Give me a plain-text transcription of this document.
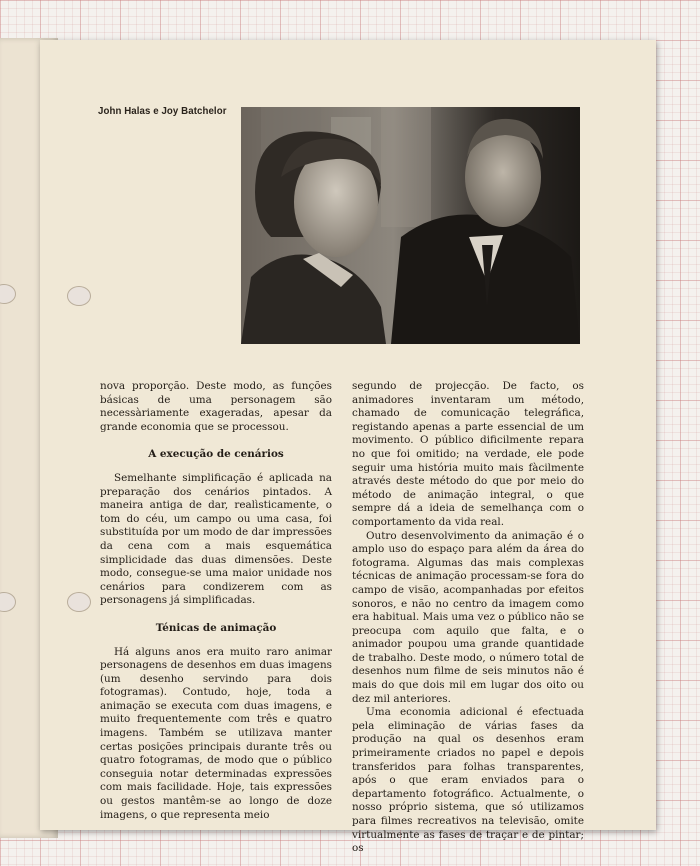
John Halas e Joy Batchelor

nova proporção. Deste modo, as funções básicas de uma personagem são necessàriamente exageradas, apesar da grande economia que se processou.

A execução de cenários

Semelhante simplificação é aplicada na preparação dos cenários pintados. A maneira antiga de dar, realìsticamente, o tom do céu, um campo ou uma casa, foi substituída por um modo de dar impressões da cena com a mais esquemática simplicidade das duas dimensões. Deste modo, consegue-se uma maior unidade nos cenários para condizerem com as personagens já simplificadas.

Ténicas de animação

Há alguns anos era muito raro animar personagens de desenhos em duas imagens (um desenho servindo para dois fotogramas). Contudo, hoje, toda a animação se executa com duas imagens, e muito frequentemente com três e quatro imagens. Também se utilizava manter certas posições principais durante três ou quatro fotogramas, de modo que o público conseguia notar determinadas expressões com mais facilidade. Hoje, tais expressões ou gestos mantêm-se ao longo de doze imagens, o que representa meio

segundo de projecção. De facto, os animadores inventaram um método, chamado de comunicação telegráfica, registando apenas a parte essencial de um movimento. O público dificilmente repara no que foi omitido; na verdade, ele pode seguir uma história muito mais fàcilmente através deste método do que por meio do método de animação integral, o que sempre dá a ideia de semelhança com o comportamento da vida real.

Outro desenvolvimento da animação é o amplo uso do espaço para além da área do fotograma. Algumas das mais complexas técnicas de animação processam-se fora do campo de visão, acompanhadas por efeitos sonoros, e não no centro da imagem como era habitual. Mais uma vez o público não se preocupa com aquilo que falta, e o animador poupou uma grande quantidade de trabalho. Deste modo, o número total de desenhos num filme de seis minutos não é mais do que dois mil em lugar dos oito ou dez mil anteriores.

Uma economia adicional é efectuada pela eliminação de várias fases da produção na qual os desenhos eram primeiramente criados no papel e depois transferidos para folhas transparentes, após o que eram enviados para o departamento fotográfico. Actualmente, o nosso próprio sistema, que só utilizamos para filmes recreativos na televisão, omite virtualmente as fases de traçar e de pintar; os
